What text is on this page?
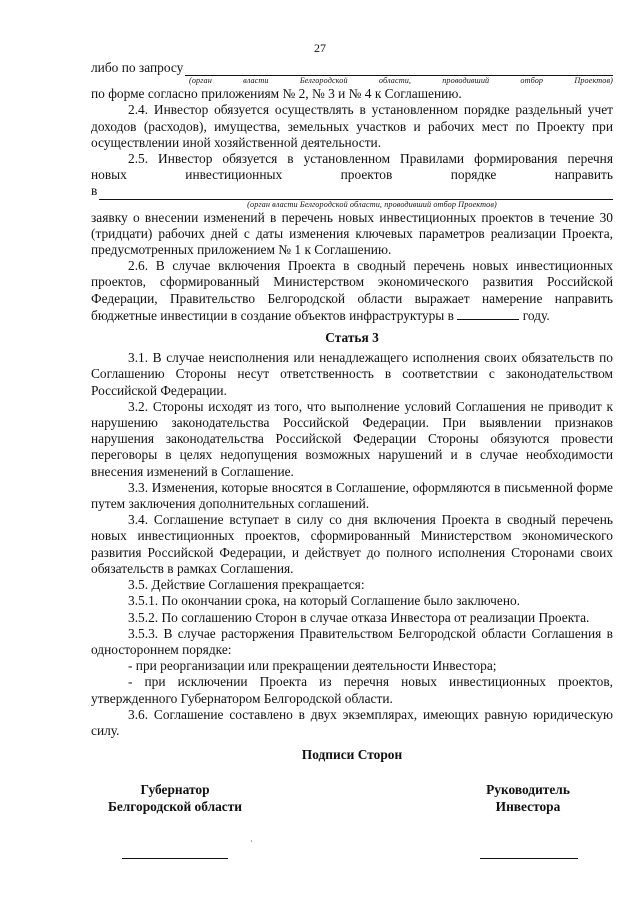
27
либо по запросу
(орган	власти	Белгородской	области,	проводивший	отбор	Проектов)

по форме согласно приложениям № 2, № 3 и № 4 к Соглашению.

2.4. Инвестор обязуется осуществлять в установленном порядке раздельный учет доходов (расходов), имущества, земельных участков и рабочих мест по Проекту при осуществлении иной хозяйственной деятельности.

2.5. Инвестор обязуется в установленном Правилами формирования перечня

новых инвестиционных проектов порядке направить

в
(орган власти Белгородской области, проводивший отбор Проектов)

заявку о внесении изменений в перечень новых инвестиционных проектов в течение 30 (тридцати) рабочих дней с даты изменения ключевых параметров реализации Проекта, предусмотренных приложением № 1 к Соглашению.

2.6. В случае включения Проекта в сводный перечень новых инвестиционных проектов, сформированный Министерством экономического развития Российской Федерации, Правительство Белгородской области выражает намерение направить бюджетные инвестиции в создание объектов инфраструктуры в	году.

Статья 3

3.1. В случае неисполнения или ненадлежащего исполнения своих обязательств по Соглашению Стороны несут ответственность в соответствии с законодательством Российской Федерации.

3.2. Стороны исходят из того, что выполнение условий Соглашения не приводит к нарушению законодательства Российской Федерации. При выявлении признаков нарушения законодательства Российской Федерации Стороны обязуются провести переговоры в целях недопущения возможных нарушений и в случае необходимости внесения изменений в Соглашение.

3.3. Изменения, которые вносятся в Соглашение, оформляются в письменной форме путем заключения дополнительных соглашений.

3.4. Соглашение вступает в силу со дня включения Проекта в сводный перечень новых инвестиционных проектов, сформированный Министерством экономического развития Российской Федерации, и действует до полного исполнения Сторонами своих обязательств в рамках Соглашения.

3.5. Действие Соглашения прекращается:

3.5.1. По окончании срока, на который Соглашение было заключено.

3.5.2. По соглашению Сторон в случае отказа Инвестора от реализации Проекта.

3.5.3. В случае расторжения Правительством Белгородской области Соглашения в одностороннем порядке:

- при реорганизации или прекращении деятельности Инвестора;

- при исключении Проекта из перечня новых инвестиционных проектов, утвержденного Губернатором Белгородской области.

3.6. Соглашение составлено в двух экземплярах, имеющих равную юридическую силу.

Подписи Сторон
Губернатор
Белгородской области
Руководитель
Инвестора
·
